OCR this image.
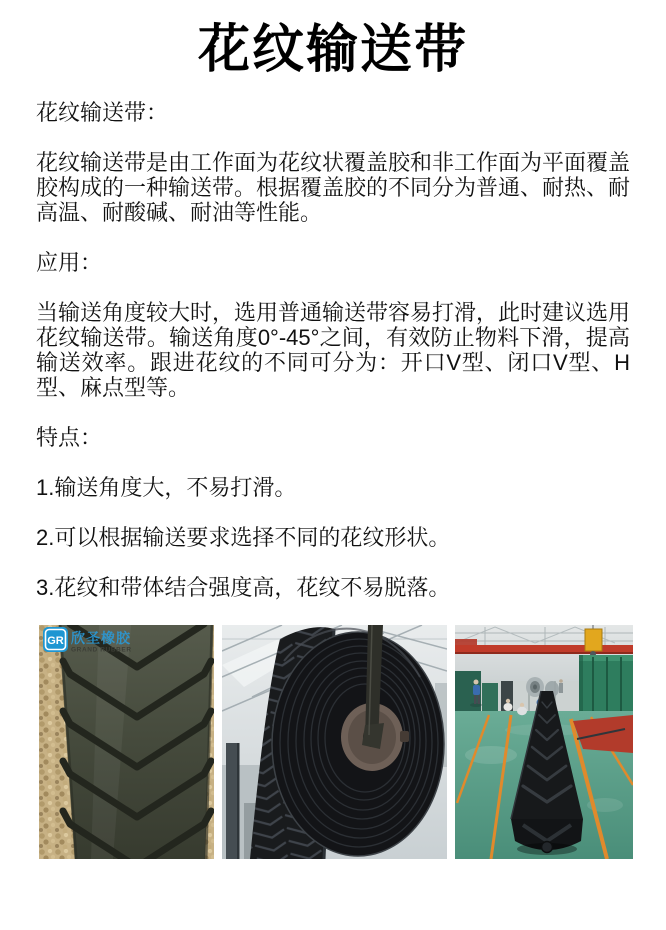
花纹输送带

花纹输送带：

花纹输送带是由工作面为花纹状覆盖胶和非工作面为平面覆盖胶构成的一种输送带。根据覆盖胶的不同分为普通、耐热、耐高温、耐酸碱、耐油等性能。

应用：

当输送角度较大时，选用普通输送带容易打滑，此时建议选用花纹输送带。输送角度0°-45°之间，有效防止物料下滑，提高输送效率。跟进花纹的不同可分为：开口V型、闭口V型、H型、麻点型等。

特点：

1.输送角度大，不易打滑。

2.可以根据输送要求选择不同的花纹形状。

3.花纹和带体结合强度高，花纹不易脱落。

GR 欣圣橡胶
GRAND RUBBER
